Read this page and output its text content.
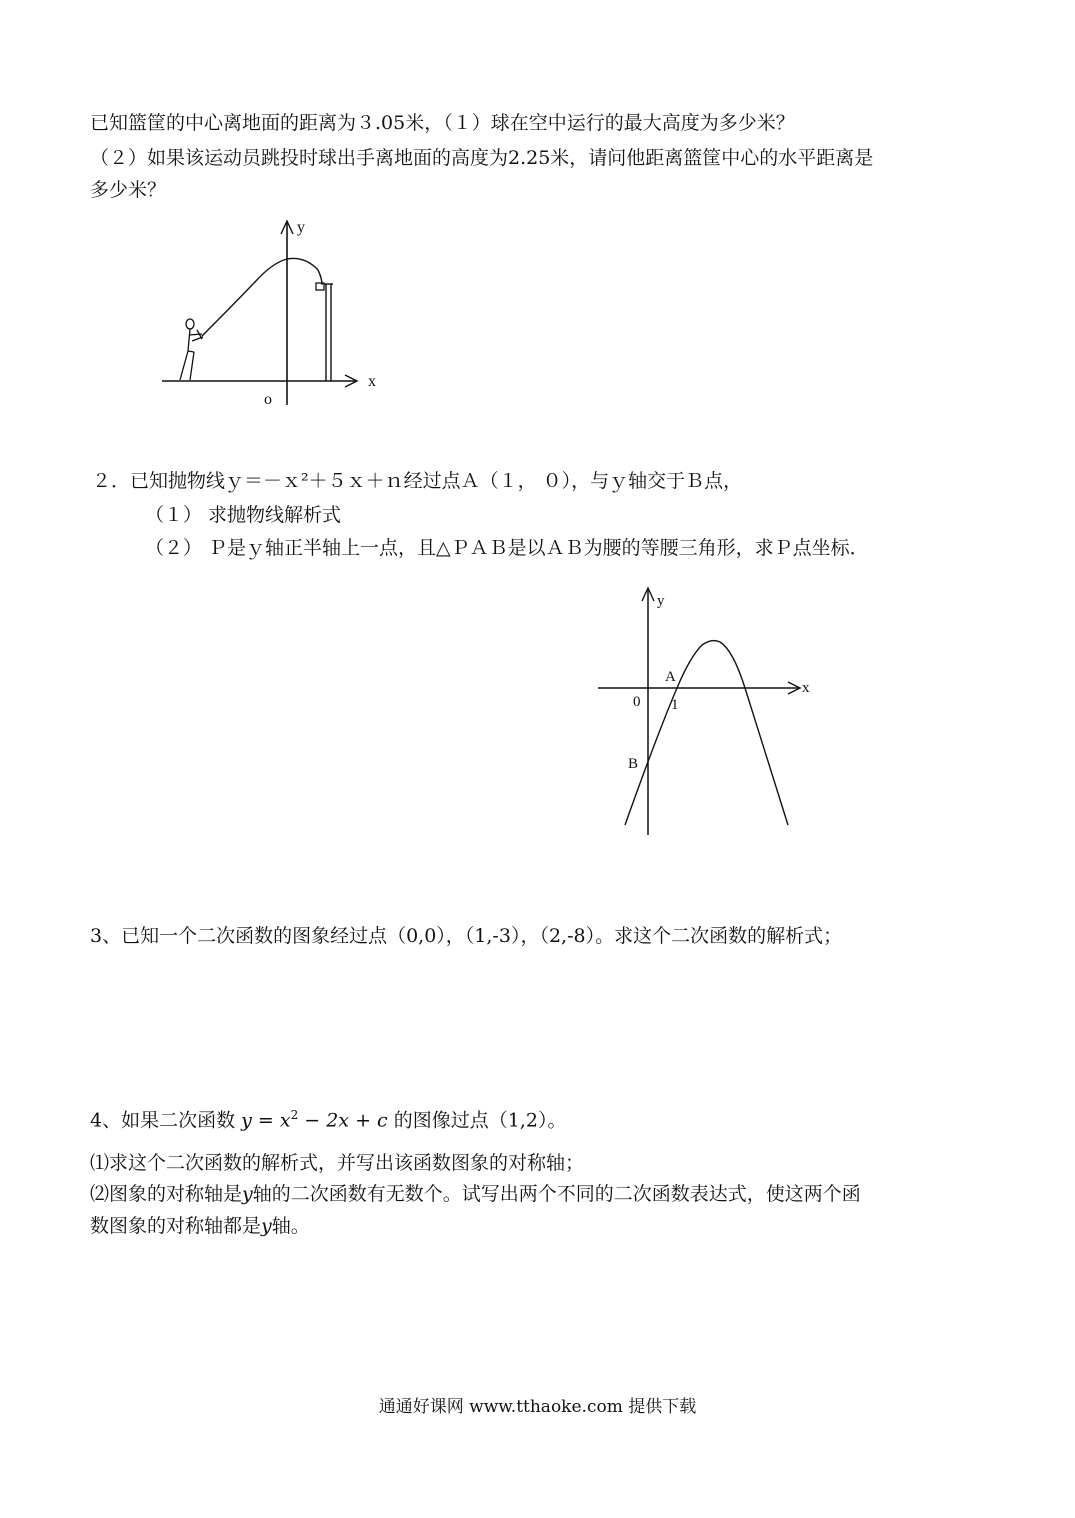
已知篮筐的中心离地面的距离为３.05米，（１）球在空中运行的最大高度为多少米？
（２）如果该运动员跳投时球出手离地面的高度为2.25米，请问他距离篮筐中心的水平距离是
多少米？
y
x
o
２．已知抛物线ｙ＝－ｘ²＋５ｘ＋ｎ经过点Ａ（１， ０），与ｙ轴交于Ｂ点，
（１） 求抛物线解析式
（２） Ｐ是ｙ轴正半轴上一点，且△ＰＡＢ是以ＡＢ为腰的等腰三角形，求Ｐ点坐标．
x
y
0
A
1
B
3、已知一个二次函数的图象经过点（0,0），（1,-3），（2,-8）。求这个二次函数的解析式；
4、如果二次函数 $y = x^2 - 2x + c$ 的图像过点（1,2）。
⑴求这个二次函数的解析式，并写出该函数图象的对称轴；
⑵图象的对称轴是y轴的二次函数有无数个。试写出两个不同的二次函数表达式，使这两个函
数图象的对称轴都是y轴。
通通好课网 www.tthaoke.com 提供下载
